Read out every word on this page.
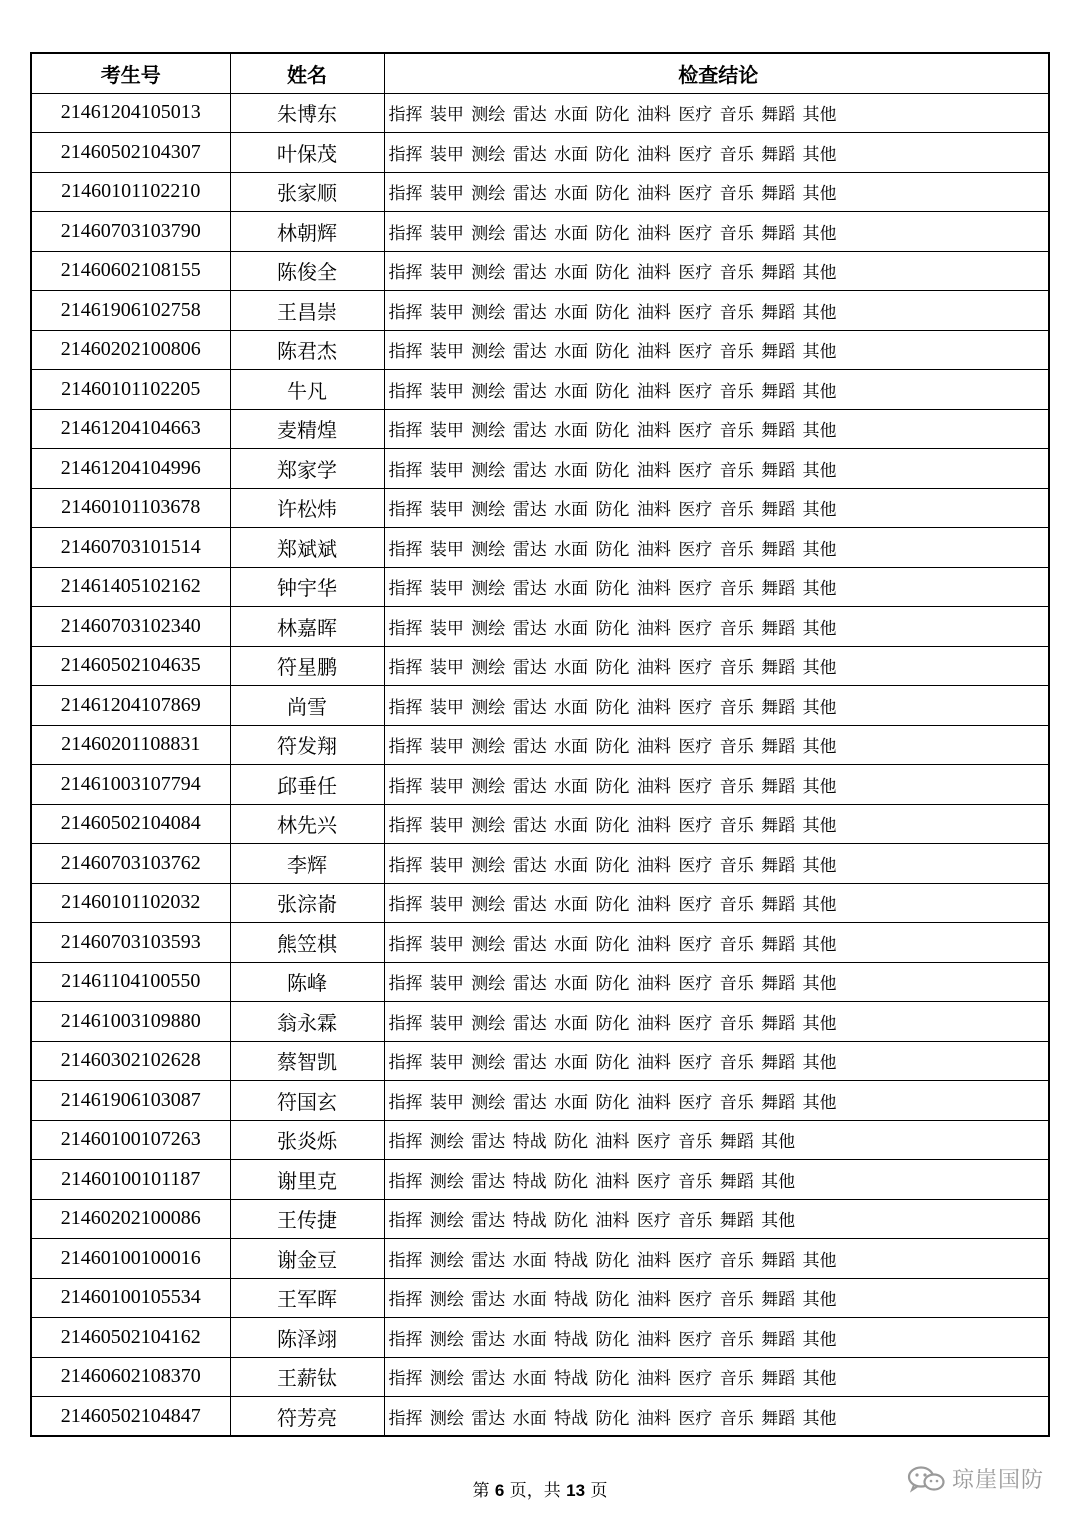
考生号	姓名	检查结论
21461204105013	朱博东	指挥 装甲 测绘 雷达 水面 防化 油料 医疗 音乐 舞蹈 其他
21460502104307	叶保茂	指挥 装甲 测绘 雷达 水面 防化 油料 医疗 音乐 舞蹈 其他
21460101102210	张家顺	指挥 装甲 测绘 雷达 水面 防化 油料 医疗 音乐 舞蹈 其他
21460703103790	林朝辉	指挥 装甲 测绘 雷达 水面 防化 油料 医疗 音乐 舞蹈 其他
21460602108155	陈俊全	指挥 装甲 测绘 雷达 水面 防化 油料 医疗 音乐 舞蹈 其他
21461906102758	王昌崇	指挥 装甲 测绘 雷达 水面 防化 油料 医疗 音乐 舞蹈 其他
21460202100806	陈君杰	指挥 装甲 测绘 雷达 水面 防化 油料 医疗 音乐 舞蹈 其他
21460101102205	牛凡	指挥 装甲 测绘 雷达 水面 防化 油料 医疗 音乐 舞蹈 其他
21461204104663	麦精煌	指挥 装甲 测绘 雷达 水面 防化 油料 医疗 音乐 舞蹈 其他
21461204104996	郑家学	指挥 装甲 测绘 雷达 水面 防化 油料 医疗 音乐 舞蹈 其他
21460101103678	许松炜	指挥 装甲 测绘 雷达 水面 防化 油料 医疗 音乐 舞蹈 其他
21460703101514	郑斌斌	指挥 装甲 测绘 雷达 水面 防化 油料 医疗 音乐 舞蹈 其他
21461405102162	钟宇华	指挥 装甲 测绘 雷达 水面 防化 油料 医疗 音乐 舞蹈 其他
21460703102340	林嘉晖	指挥 装甲 测绘 雷达 水面 防化 油料 医疗 音乐 舞蹈 其他
21460502104635	符星鹏	指挥 装甲 测绘 雷达 水面 防化 油料 医疗 音乐 舞蹈 其他
21461204107869	尚雪	指挥 装甲 测绘 雷达 水面 防化 油料 医疗 音乐 舞蹈 其他
21460201108831	符发翔	指挥 装甲 测绘 雷达 水面 防化 油料 医疗 音乐 舞蹈 其他
21461003107794	邱垂任	指挥 装甲 测绘 雷达 水面 防化 油料 医疗 音乐 舞蹈 其他
21460502104084	林先兴	指挥 装甲 测绘 雷达 水面 防化 油料 医疗 音乐 舞蹈 其他
21460703103762	李辉	指挥 装甲 测绘 雷达 水面 防化 油料 医疗 音乐 舞蹈 其他
21460101102032	张淙嵛	指挥 装甲 测绘 雷达 水面 防化 油料 医疗 音乐 舞蹈 其他
21460703103593	熊笠棋	指挥 装甲 测绘 雷达 水面 防化 油料 医疗 音乐 舞蹈 其他
21461104100550	陈峰	指挥 装甲 测绘 雷达 水面 防化 油料 医疗 音乐 舞蹈 其他
21461003109880	翁永霖	指挥 装甲 测绘 雷达 水面 防化 油料 医疗 音乐 舞蹈 其他
21460302102628	蔡智凯	指挥 装甲 测绘 雷达 水面 防化 油料 医疗 音乐 舞蹈 其他
21461906103087	符国玄	指挥 装甲 测绘 雷达 水面 防化 油料 医疗 音乐 舞蹈 其他
21460100107263	张炎烁	指挥 测绘 雷达 特战 防化 油料 医疗 音乐 舞蹈 其他
21460100101187	谢里克	指挥 测绘 雷达 特战 防化 油料 医疗 音乐 舞蹈 其他
21460202100086	王传捷	指挥 测绘 雷达 特战 防化 油料 医疗 音乐 舞蹈 其他
21460100100016	谢金豆	指挥 测绘 雷达 水面 特战 防化 油料 医疗 音乐 舞蹈 其他
21460100105534	王军晖	指挥 测绘 雷达 水面 特战 防化 油料 医疗 音乐 舞蹈 其他
21460502104162	陈泽翊	指挥 测绘 雷达 水面 特战 防化 油料 医疗 音乐 舞蹈 其他
21460602108370	王薪钛	指挥 测绘 雷达 水面 特战 防化 油料 医疗 音乐 舞蹈 其他
21460502104847	符芳亮	指挥 测绘 雷达 水面 特战 防化 油料 医疗 音乐 舞蹈 其他
第 6 页，共 13 页	琼崖国防
